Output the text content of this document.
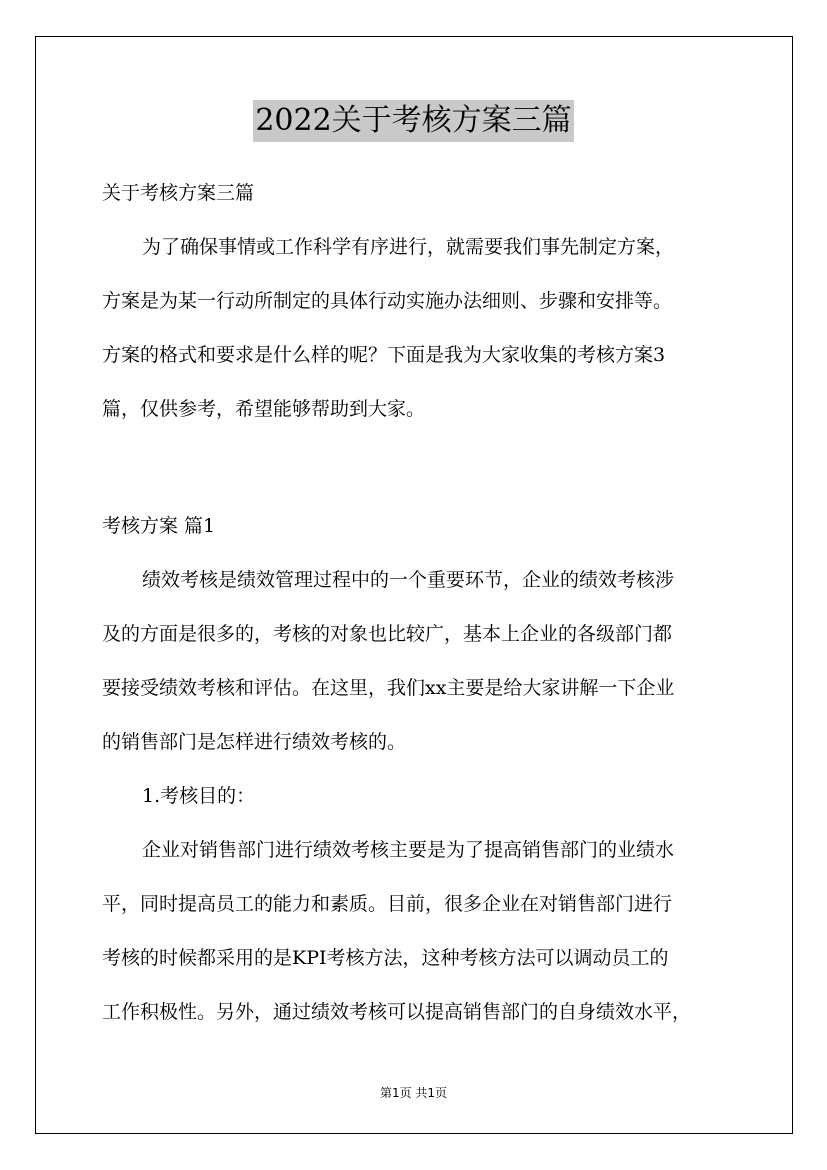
2022关于考核方案三篇
关于考核方案三篇
为了确保事情或工作科学有序进行，就需要我们事先制定方案，
方案是为某一行动所制定的具体行动实施办法细则、步骤和安排等。
方案的格式和要求是什么样的呢？下面是我为大家收集的考核方案3
篇，仅供参考，希望能够帮助到大家。
考核方案 篇1
绩效考核是绩效管理过程中的一个重要环节，企业的绩效考核涉
及的方面是很多的，考核的对象也比较广，基本上企业的各级部门都
要接受绩效考核和评估。在这里，我们xx主要是给大家讲解一下企业
的销售部门是怎样进行绩效考核的。
1.考核目的：
企业对销售部门进行绩效考核主要是为了提高销售部门的业绩水
平，同时提高员工的能力和素质。目前，很多企业在对销售部门进行
考核的时候都采用的是KPI考核方法，这种考核方法可以调动员工的
工作积极性。另外，通过绩效考核可以提高销售部门的自身绩效水平，
第1页 共1页
